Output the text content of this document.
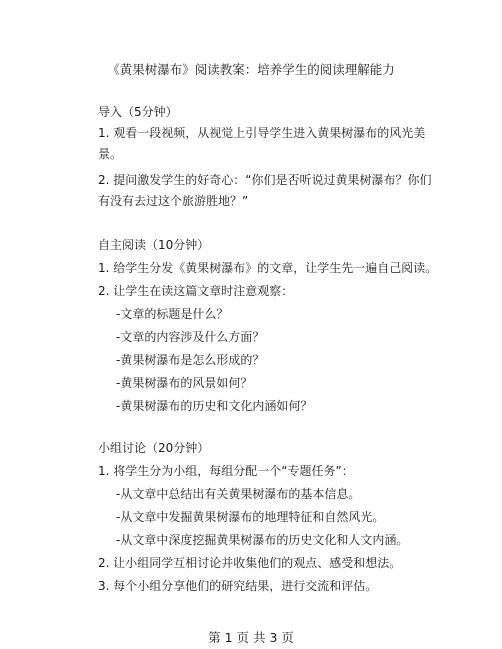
《黄果树瀑布》阅读教案：培养学生的阅读理解能力
导入（5分钟）
1. 观看一段视频，从视觉上引导学生进入黄果树瀑布的风光美
景。
2. 提问激发学生的好奇心：“你们是否听说过黄果树瀑布？你们
有没有去过这个旅游胜地？”
自主阅读（10分钟）
1. 给学生分发《黄果树瀑布》的文章，让学生先一遍自己阅读。
2. 让学生在读这篇文章时注意观察：
-文章的标题是什么？
-文章的内容涉及什么方面？
-黄果树瀑布是怎么形成的？
-黄果树瀑布的风景如何？
-黄果树瀑布的历史和文化内涵如何？
小组讨论（20分钟）
1. 将学生分为小组，每组分配一个“专题任务”：
-从文章中总结出有关黄果树瀑布的基本信息。
-从文章中发掘黄果树瀑布的地理特征和自然风光。
-从文章中深度挖掘黄果树瀑布的历史文化和人文内涵。
2. 让小组同学互相讨论并收集他们的观点、感受和想法。
3. 每个小组分享他们的研究结果，进行交流和评估。
第 1 页 共 3 页
